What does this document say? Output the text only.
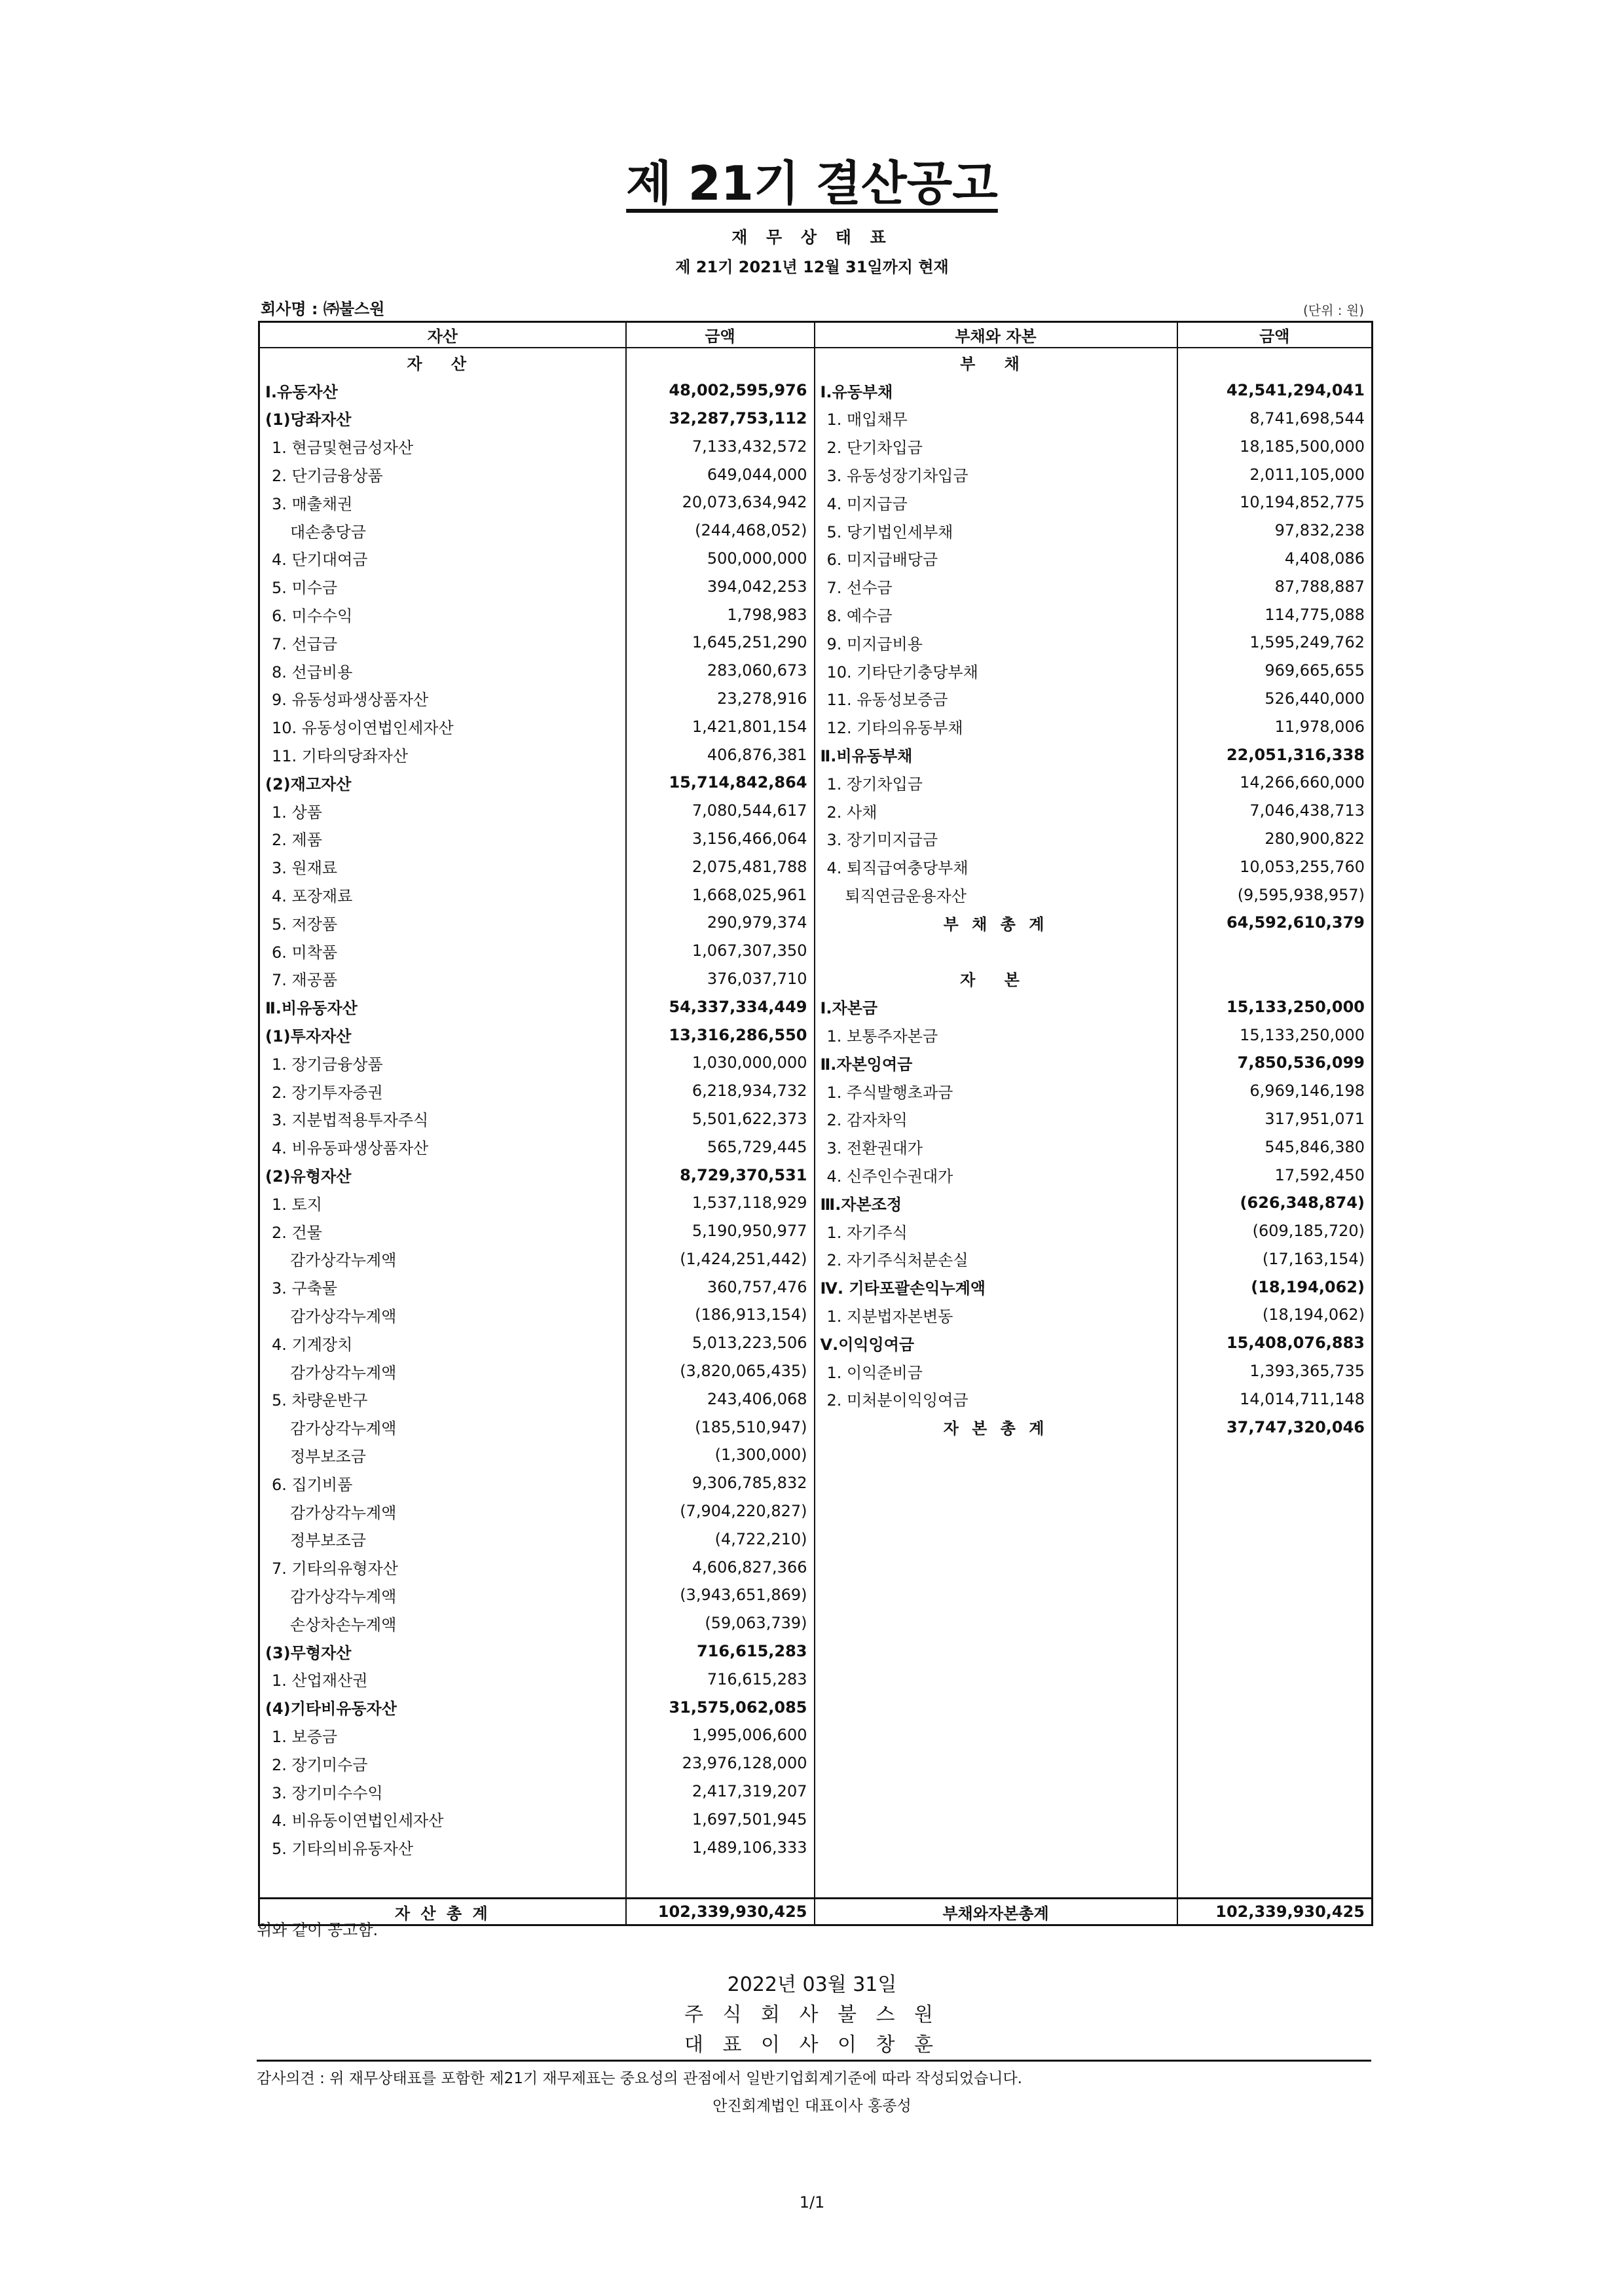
제 21기 결산공고
재 무 상 태 표
제 21기 2021년 12월 31일까지 현재
회사명 : ㈜불스원	(단위 : 원)
자산	금액	부채와 자본	금액
자 산		부 채	
Ⅰ.유동자산	48,002,595,976	Ⅰ.유동부채	42,541,294,041
(1)당좌자산	32,287,753,112	1. 매입채무	8,741,698,544
1. 현금및현금성자산	7,133,432,572	2. 단기차입금	18,185,500,000
2. 단기금융상품	649,044,000	3. 유동성장기차입금	2,011,105,000
3. 매출채권	20,073,634,942	4. 미지급금	10,194,852,775
대손충당금	(244,468,052)	5. 당기법인세부채	97,832,238
4. 단기대여금	500,000,000	6. 미지급배당금	4,408,086
5. 미수금	394,042,253	7. 선수금	87,788,887
6. 미수수익	1,798,983	8. 예수금	114,775,088
7. 선급금	1,645,251,290	9. 미지급비용	1,595,249,762
8. 선급비용	283,060,673	10. 기타단기충당부채	969,665,655
9. 유동성파생상품자산	23,278,916	11. 유동성보증금	526,440,000
10. 유동성이연법인세자산	1,421,801,154	12. 기타의유동부채	11,978,006
11. 기타의당좌자산	406,876,381	Ⅱ.비유동부채	22,051,316,338
(2)재고자산	15,714,842,864	1. 장기차입금	14,266,660,000
1. 상품	7,080,544,617	2. 사채	7,046,438,713
2. 제품	3,156,466,064	3. 장기미지급금	280,900,822
3. 원재료	2,075,481,788	4. 퇴직급여충당부채	10,053,255,760
4. 포장재료	1,668,025,961	퇴직연금운용자산	(9,595,938,957)
5. 저장품	290,979,374	부 채 총 계	64,592,610,379
6. 미착품	1,067,307,350		
7. 재공품	376,037,710	자 본	
Ⅱ.비유동자산	54,337,334,449	Ⅰ.자본금	15,133,250,000
(1)투자자산	13,316,286,550	1. 보통주자본금	15,133,250,000
1. 장기금융상품	1,030,000,000	Ⅱ.자본잉여금	7,850,536,099
2. 장기투자증권	6,218,934,732	1. 주식발행초과금	6,969,146,198
3. 지분법적용투자주식	5,501,622,373	2. 감자차익	317,951,071
4. 비유동파생상품자산	565,729,445	3. 전환권대가	545,846,380
(2)유형자산	8,729,370,531	4. 신주인수권대가	17,592,450
1. 토지	1,537,118,929	Ⅲ.자본조정	(626,348,874)
2. 건물	5,190,950,977	1. 자기주식	(609,185,720)
감가상각누계액	(1,424,251,442)	2. 자기주식처분손실	(17,163,154)
3. 구축물	360,757,476	Ⅳ. 기타포괄손익누계액	(18,194,062)
감가상각누계액	(186,913,154)	1. 지분법자본변동	(18,194,062)
4. 기계장치	5,013,223,506	Ⅴ.이익잉여금	15,408,076,883
감가상각누계액	(3,820,065,435)	1. 이익준비금	1,393,365,735
5. 차량운반구	243,406,068	2. 미처분이익잉여금	14,014,711,148
감가상각누계액	(185,510,947)	자 본 총 계	37,747,320,046
정부보조금	(1,300,000)		
6. 집기비품	9,306,785,832		
감가상각누계액	(7,904,220,827)		
정부보조금	(4,722,210)		
7. 기타의유형자산	4,606,827,366		
감가상각누계액	(3,943,651,869)		
손상차손누계액	(59,063,739)		
(3)무형자산	716,615,283		
1. 산업재산권	716,615,283		
(4)기타비유동자산	31,575,062,085		
1. 보증금	1,995,006,600		
2. 장기미수금	23,976,128,000		
3. 장기미수수익	2,417,319,207		
4. 비유동이연법인세자산	1,697,501,945		
5. 기타의비유동자산	1,489,106,333		

자 산 총 계	102,339,930,425	부채와자본총계	102,339,930,425
위와 같이 공고함.
2022년 03월 31일
주 식 회 사 불 스 원
대 표 이 사 이 창 훈
감사의견 : 위 재무상태표를 포함한 제21기 재무제표는 중요성의 관점에서 일반기업회계기준에 따라 작성되었습니다.
안진회계법인 대표이사 홍종성
1/1
